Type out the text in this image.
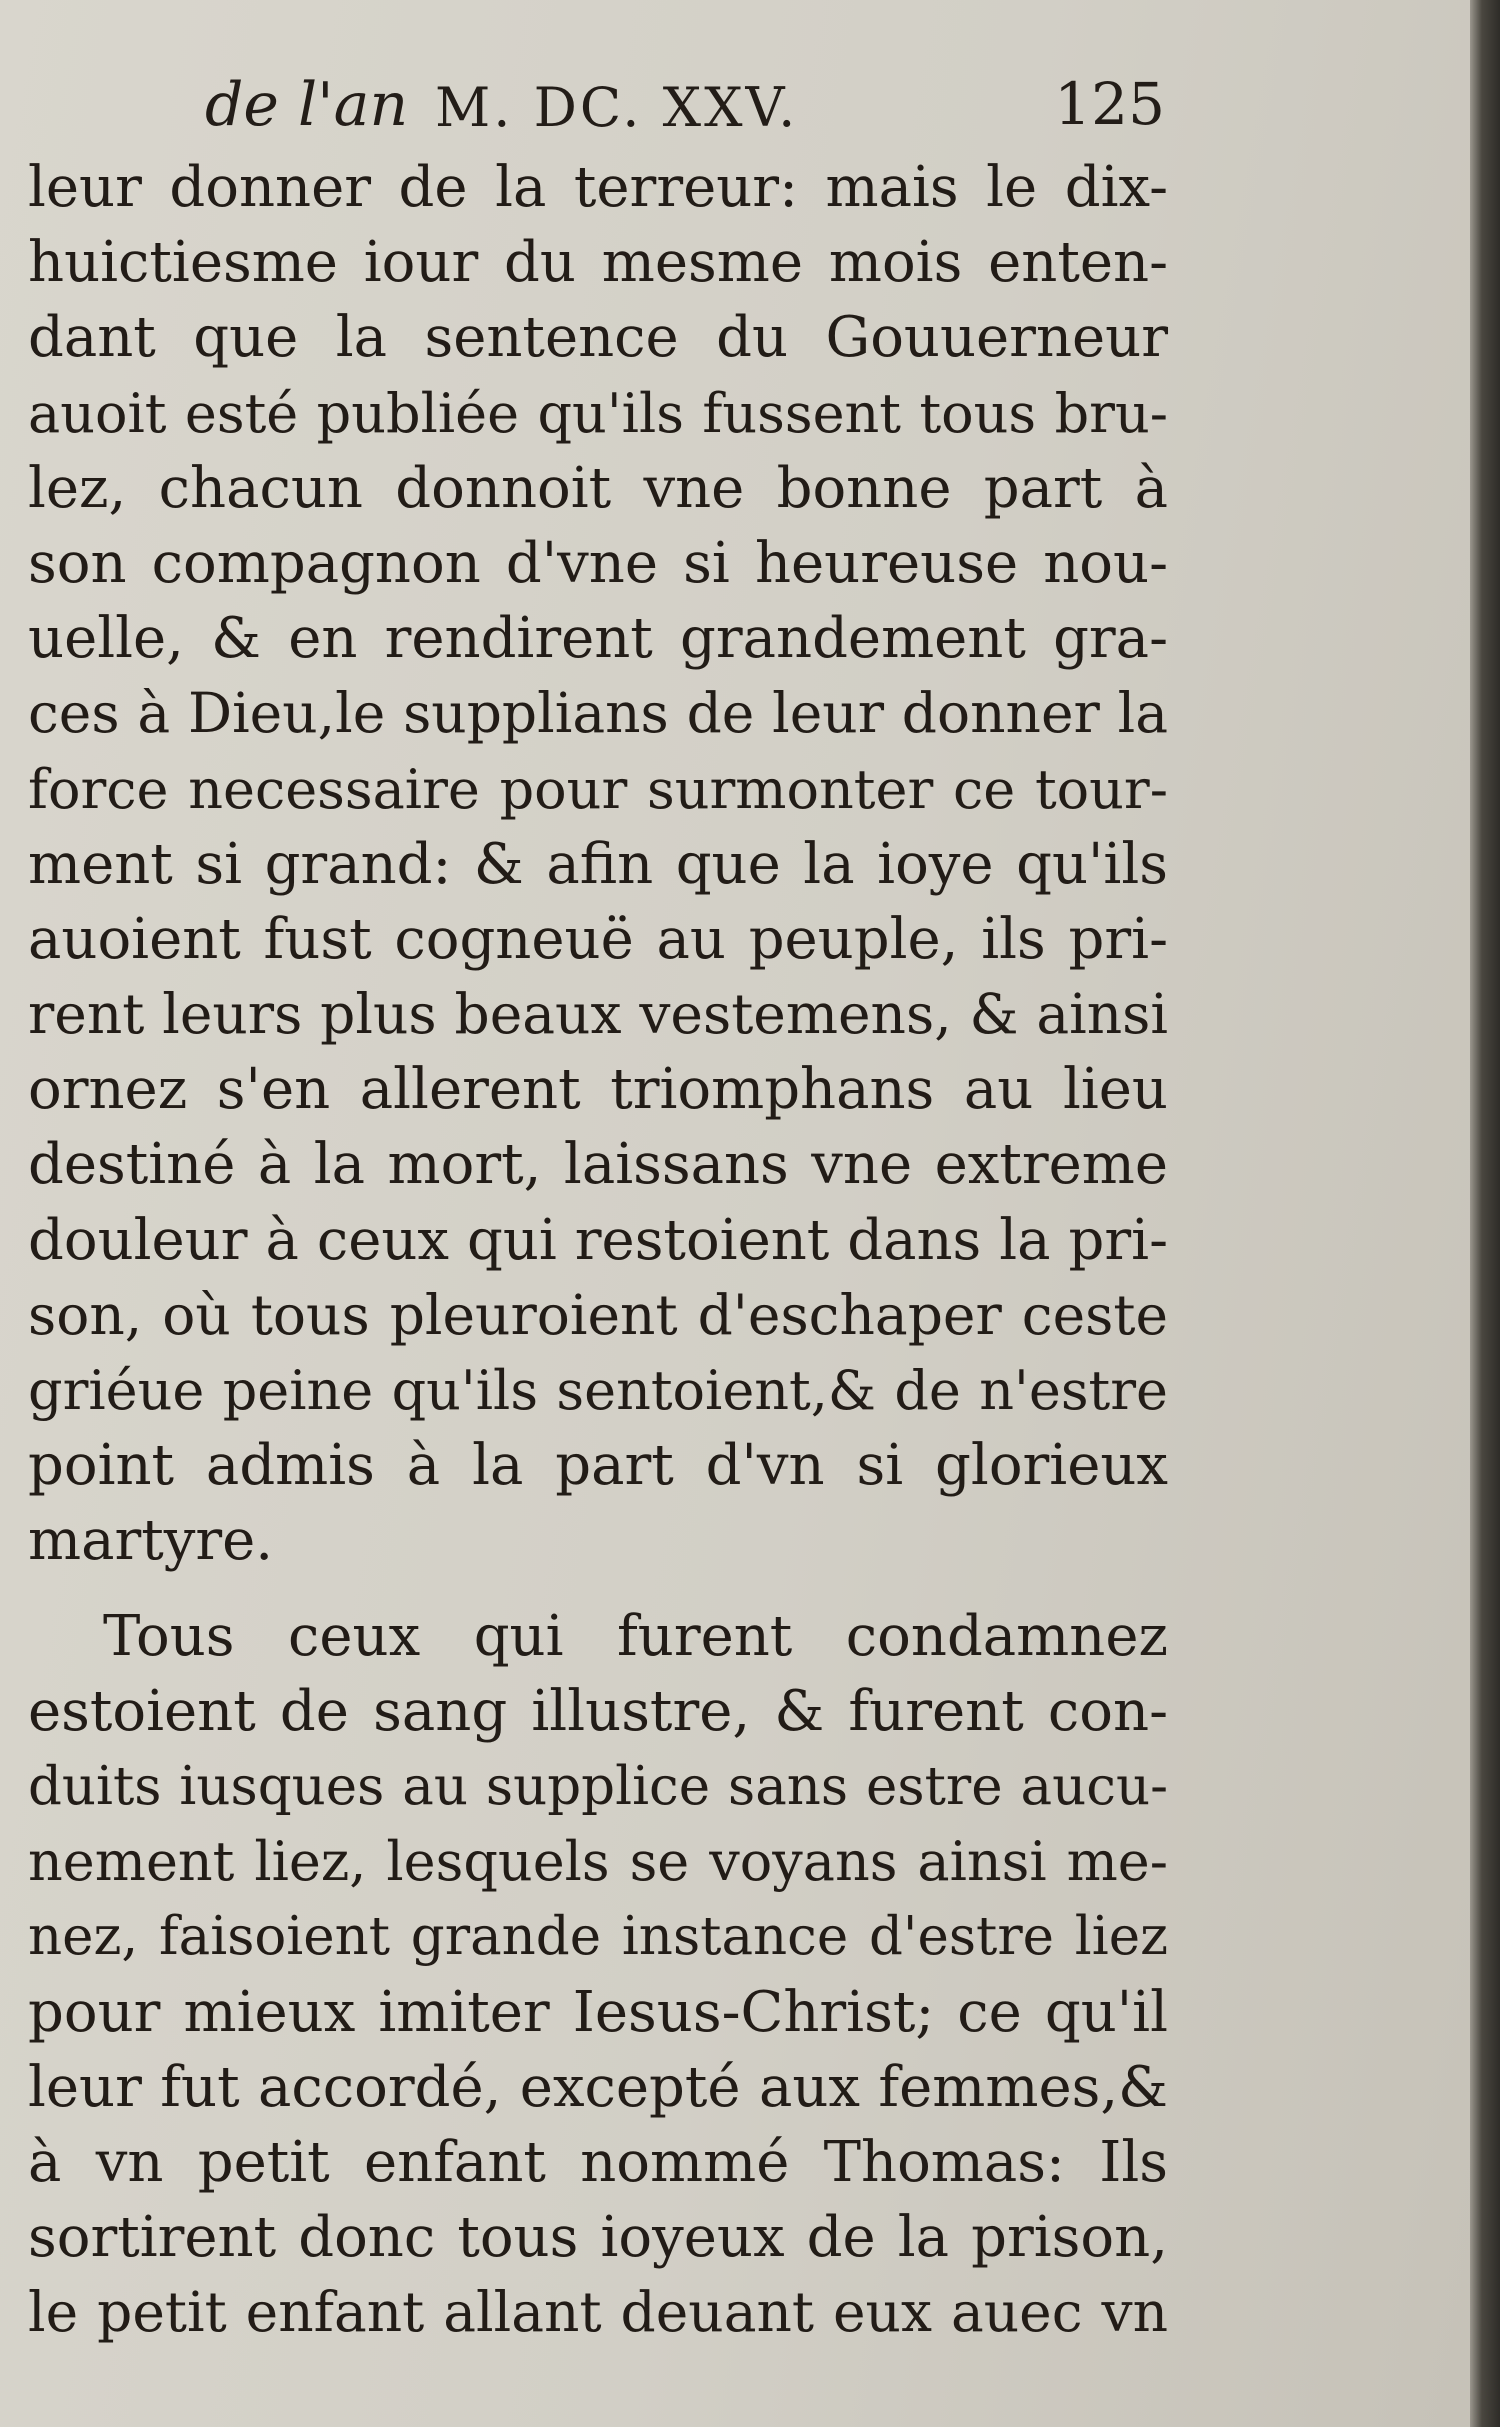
de l'an M. DC. XXV.	125
leur donner de la terreur: mais le dix-
huictiesme iour du mesme mois enten-
dant que la sentence du Gouuerneur
auoit esté publiée qu'ils fussent tous bru-
lez, chacun donnoit vne bonne part à
son compagnon d'vne si heureuse nou-
uelle, & en rendirent grandement gra-
ces à Dieu,le supplians de leur donner la
force necessaire pour surmonter ce tour-
ment si grand: & afin que la ioye qu'ils
auoient fust cogneuë au peuple, ils pri-
rent leurs plus beaux vestemens, & ainsi
ornez s'en allerent triomphans au lieu
destiné à la mort, laissans vne extreme
douleur à ceux qui restoient dans la pri-
son, où tous pleuroient d'eschaper ceste
griéue peine qu'ils sentoient,& de n'estre
point admis à la part d'vn si glorieux
martyre.
Tous ceux qui furent condamnez
estoient de sang illustre, & furent con-
duits iusques au supplice sans estre aucu-
nement liez, lesquels se voyans ainsi me-
nez, faisoient grande instance d'estre liez
pour mieux imiter Iesus-Christ; ce qu'il
leur fut accordé, excepté aux femmes,&
à vn petit enfant nommé Thomas: Ils
sortirent donc tous ioyeux de la prison,
le petit enfant allant deuant eux auec vn
